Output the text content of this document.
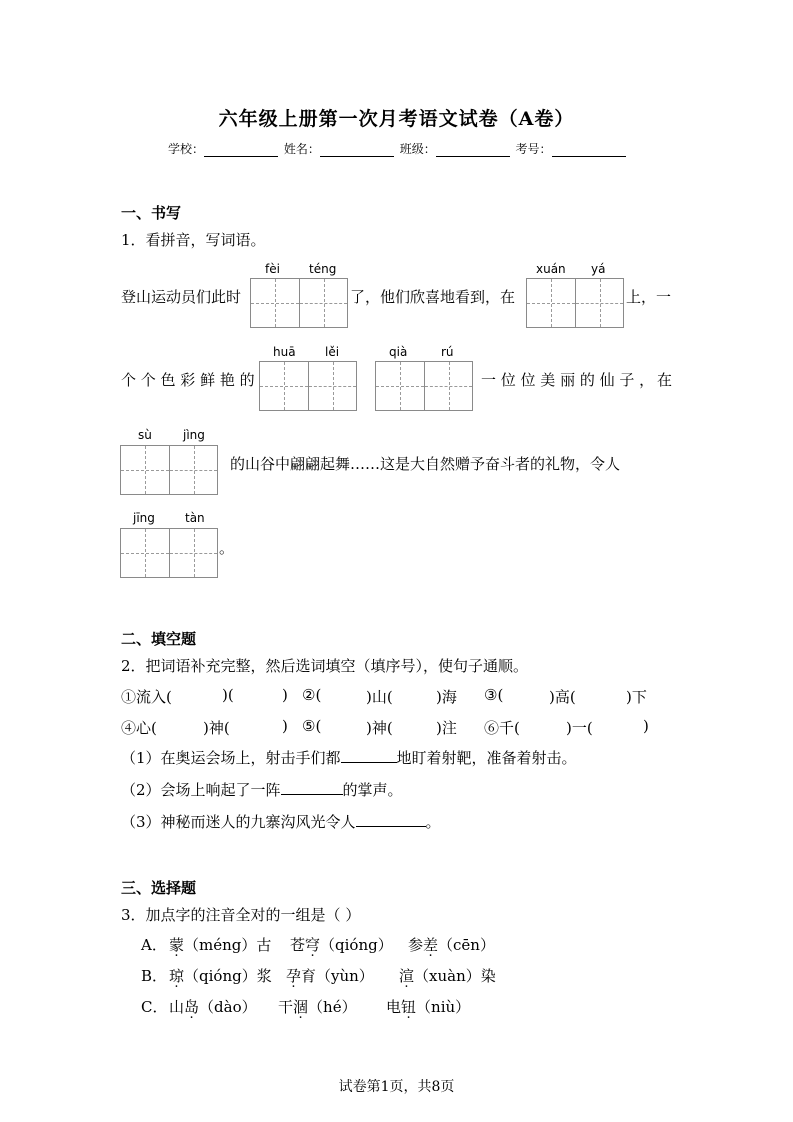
六年级上册第一次月考语文试卷（A卷）
学校：	姓名：	班级：	考号：
一、书写
1．看拼音，写词语。
fèi téng	xuán yá
登山运动员们此时	了，他们欣喜地看到，在	上，一
huā lěi	qià	rú
个 个 色 彩 鲜 艳 的	一 位 位 美 丽 的 仙 子 ， 在
sù	jìng
的山谷中翩翩起舞……这是大自然赠予奋斗者的礼物，令人
jīng	tàn
。
二、填空题
2．把词语补充完整，然后选词填空（填序号），使句子通顺。
①流入(	)(	) ②(	)山(	)海 ③(	)高(	)下
④心(	)神(	) ⑤(	)神(	)注 ⑥千(	)一(	)
（1）在奥运会场上，射击手们都	地盯着射靶，准备着射击。
（2）会场上响起了一阵	的掌声。
（3）神秘而迷人的九寨沟风光令人	。
三、选择题
3．加点字的注音全对的一组是（ ）
A． 蒙（méng）古 苍穹（qióng） 参差（cēn）
B． 琼（qióng）浆 孕育（yùn） 渲（xuàn）染
C． 山岛（dào） 干涸（hé） 电钮（niù）
试卷第1页，共8页
